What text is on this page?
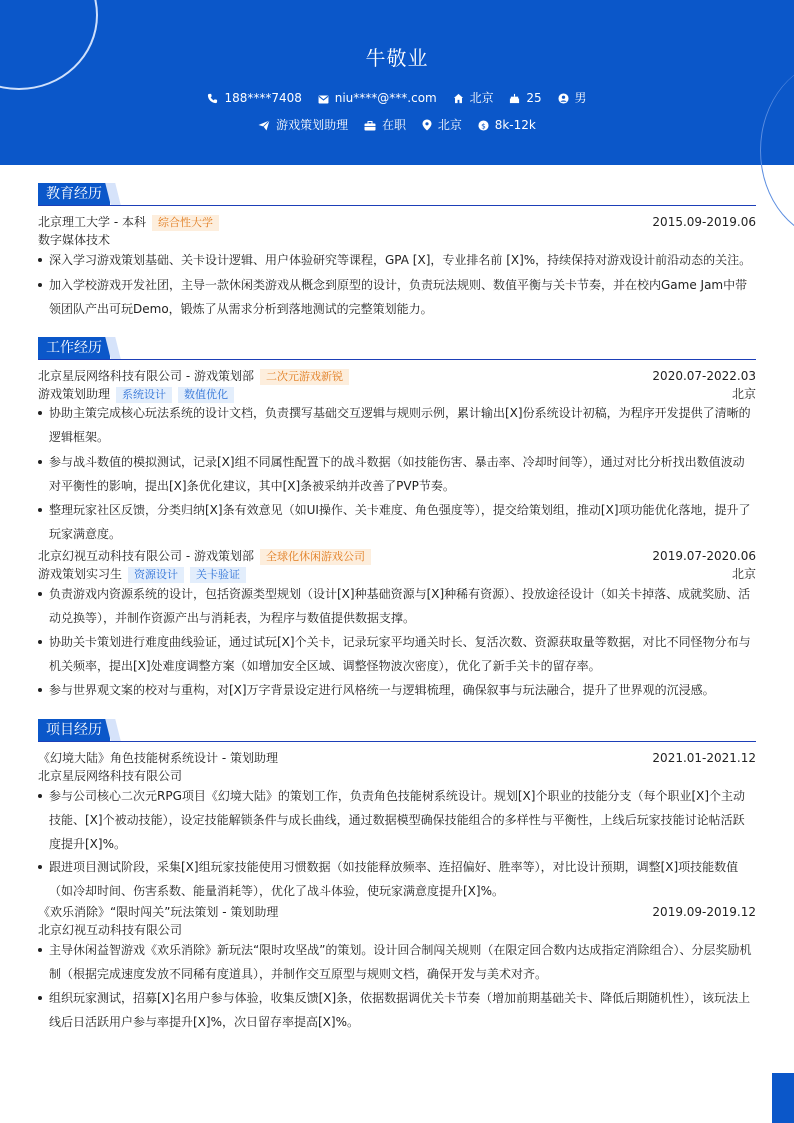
牛敬业
188****7408	niu****@***.com	北京	25	男
游戏策划助理	在职	北京 $ 8k-12k
教育经历
北京理工大学 - 本科 综合性大学	2015.09-2019.06
数字媒体技术
深入学习游戏策划基础、关卡设计逻辑、用户体验研究等课程，GPA [X]，专业排名前 [X]%，持续保持对游戏设计前沿动态的关注。
加入学校游戏开发社团，主导一款休闲类游戏从概念到原型的设计，负责玩法规则、数值平衡与关卡节奏，并在校内Game Jam中带领团队产出可玩Demo，锻炼了从需求分析到落地测试的完整策划能力。
工作经历
北京星辰网络科技有限公司 - 游戏策划部 二次元游戏新锐	2020.07-2022.03
游戏策划助理 系统设计 数值优化	北京
协助主策完成核心玩法系统的设计文档，负责撰写基础交互逻辑与规则示例，累计输出[X]份系统设计初稿，为程序开发提供了清晰的逻辑框架。
参与战斗数值的模拟测试，记录[X]组不同属性配置下的战斗数据（如技能伤害、暴击率、冷却时间等），通过对比分析找出数值波动对平衡性的影响，提出[X]条优化建议，其中[X]条被采纳并改善了PVP节奏。
整理玩家社区反馈，分类归纳[X]条有效意见（如UI操作、关卡难度、角色强度等），提交给策划组，推动[X]项功能优化落地，提升了玩家满意度。
北京幻视互动科技有限公司 - 游戏策划部 全球化休闲游戏公司	2019.07-2020.06
游戏策划实习生 资源设计 关卡验证	北京
负责游戏内资源系统的设计，包括资源类型规划（设计[X]种基础资源与[X]种稀有资源）、投放途径设计（如关卡掉落、成就奖励、活动兑换等），并制作资源产出与消耗表，为程序与数值提供数据支撑。
协助关卡策划进行难度曲线验证，通过试玩[X]个关卡，记录玩家平均通关时长、复活次数、资源获取量等数据，对比不同怪物分布与机关频率，提出[X]处难度调整方案（如增加安全区域、调整怪物波次密度），优化了新手关卡的留存率。
参与世界观文案的校对与重构，对[X]万字背景设定进行风格统一与逻辑梳理，确保叙事与玩法融合，提升了世界观的沉浸感。
项目经历
《幻境大陆》角色技能树系统设计 - 策划助理	2021.01-2021.12
北京星辰网络科技有限公司
参与公司核心二次元RPG项目《幻境大陆》的策划工作，负责角色技能树系统设计。规划[X]个职业的技能分支（每个职业[X]个主动技能、[X]个被动技能），设定技能解锁条件与成长曲线，通过数据模型确保技能组合的多样性与平衡性，上线后玩家技能讨论帖活跃度提升[X]%。
跟进项目测试阶段，采集[X]组玩家技能使用习惯数据（如技能释放频率、连招偏好、胜率等），对比设计预期，调整[X]项技能数值（如冷却时间、伤害系数、能量消耗等），优化了战斗体验，使玩家满意度提升[X]%。
《欢乐消除》“限时闯关”玩法策划 - 策划助理	2019.09-2019.12
北京幻视互动科技有限公司
主导休闲益智游戏《欢乐消除》新玩法“限时攻坚战”的策划。设计回合制闯关规则（在限定回合数内达成指定消除组合）、分层奖励机制（根据完成速度发放不同稀有度道具），并制作交互原型与规则文档，确保开发与美术对齐。
组织玩家测试，招募[X]名用户参与体验，收集反馈[X]条，依据数据调优关卡节奏（增加前期基础关卡、降低后期随机性），该玩法上线后日活跃用户参与率提升[X]%，次日留存率提高[X]%。
